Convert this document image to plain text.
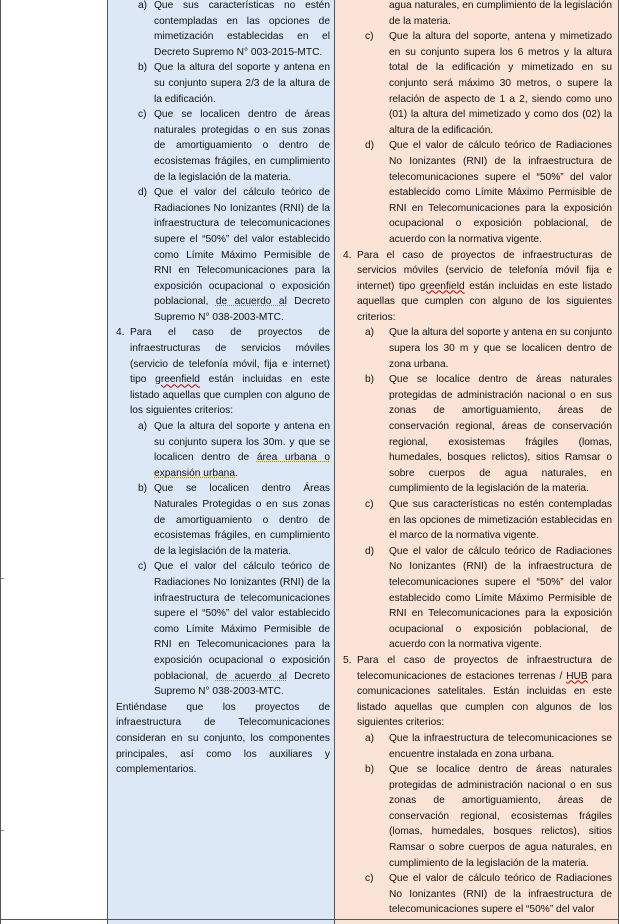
a) Que sus características no estén contempladas en las opciones de mimetización establecidas en el Decreto Supremo N° 003-2015-MTC.
b) Que la altura del soporte y antena en su conjunto supera 2/3 de la altura de la edificación.
c) Que se localicen dentro de áreas naturales protegidas o en sus zonas de amortiguamiento o dentro de ecosistemas frágiles, en cumplimiento de la legislación de la materia.
d) Que el valor del cálculo teórico de Radiaciones No Ionizantes (RNI) de la infraestructura de telecomunicaciones supere el “50%” del valor establecido como Límite Máximo Permisible de RNI en Telecomunicaciones para la exposición ocupacional o exposición poblacional, de acuerdo al Decreto Supremo N° 038-2003-MTC.
4. Para el caso de proyectos de infraestructuras de servicios móviles (servicio de telefonía móvil, fija e internet) tipo greenfield están incluidas en este listado aquellas que cumplen con alguno de los siguientes criterios:
a) Que la altura del soporte y antena en su conjunto supera los 30m. y que se localicen dentro de área urbana o expansión urbana.
b) Que se localicen dentro Áreas Naturales Protegidas o en sus zonas de amortiguamiento o dentro de ecosistemas frágiles, en cumplimiento de la legislación de la materia.
c) Que el valor del cálculo teórico de Radiaciones No Ionizantes (RNI) de la infraestructura de telecomunicaciones supere el “50%” del valor establecido como Límite Máximo Permisible de RNI en Telecomunicaciones para la exposición ocupacional o exposición poblacional, de acuerdo al Decreto Supremo N° 038-2003-MTC.
Entiéndase que los proyectos de infraestructura de Telecomunicaciones consideran en su conjunto, los componentes principales, así como los auxiliares y complementarios.
agua naturales, en cumplimiento de la legislación de la materia.
c) Que la altura del soporte, antena y mimetizado en su conjunto supera los 6 metros y la altura total de la edificación y mimetizado en su conjunto será máximo 30 metros, o supere la relación de aspecto de 1 a 2, siendo como uno (01) la altura del mimetizado y como dos (02) la altura de la edificación.
d) Que el valor de cálculo teórico de Radiaciones No Ionizantes (RNI) de la infraestructura de telecomunicaciones supere el “50%” del valor establecido como Límite Máximo Permisible de RNI en Telecomunicaciones para la exposición ocupacional o exposición poblacional, de acuerdo con la normativa vigente.
4. Para el caso de proyectos de infraestructuras de servicios móviles (servicio de telefonía móvil fija e internet) tipo greenfield están incluidas en este listado aquellas que cumplen con alguno de los siguientes criterios:
a) Que la altura del soporte y antena en su conjunto supera los 30 m y que se localicen dentro de zona urbana.
b) Que se localice dentro de áreas naturales protegidas de administración nacional o en sus zonas de amortiguamiento, áreas de conservación regional, áreas de conservación regional, exosistemas frágiles (lomas, humedales, bosques relictos), sitios Ramsar o sobre cuerpos de agua naturales, en cumplimiento de la legislación de la materia.
c) Que sus características no estén contempladas en las opciones de mimetización establecidas en el marco de la normativa vigente.
d) Que el valor de cálculo teórico de Radiaciones No Ionizantes (RNI) de la infraestructura de telecomunicaciones supere el “50%” del valor establecido como Límite Máximo Permisible de RNI en Telecomunicaciones para la exposición ocupacional o exposición poblacional, de acuerdo con la normativa vigente.
5. Para el caso de proyectos de infraestructura de telecomunicaciones de estaciones terrenas / HUB para comunicaciones satelitales. Están incluidas en este listado aquellas que cumplen con algunos de los siguientes criterios:
a) Que la infraestructura de telecomunicaciones se encuentre instalada en zona urbana.
b) Que se localice dentro de áreas naturales protegidas de administración nacional o en sus zonas de amortiguamiento, áreas de conservación regional, ecosistemas frágiles (lomas, humedales, bosques relictos), sitios Ramsar o sobre cuerpos de agua naturales, en cumplimiento de la legislación de la materia.
c) Que el valor de cálculo teórico de Radiaciones No Ionizantes (RNI) de la infraestructura de telecomunicaciones supere el “50%” del valor
